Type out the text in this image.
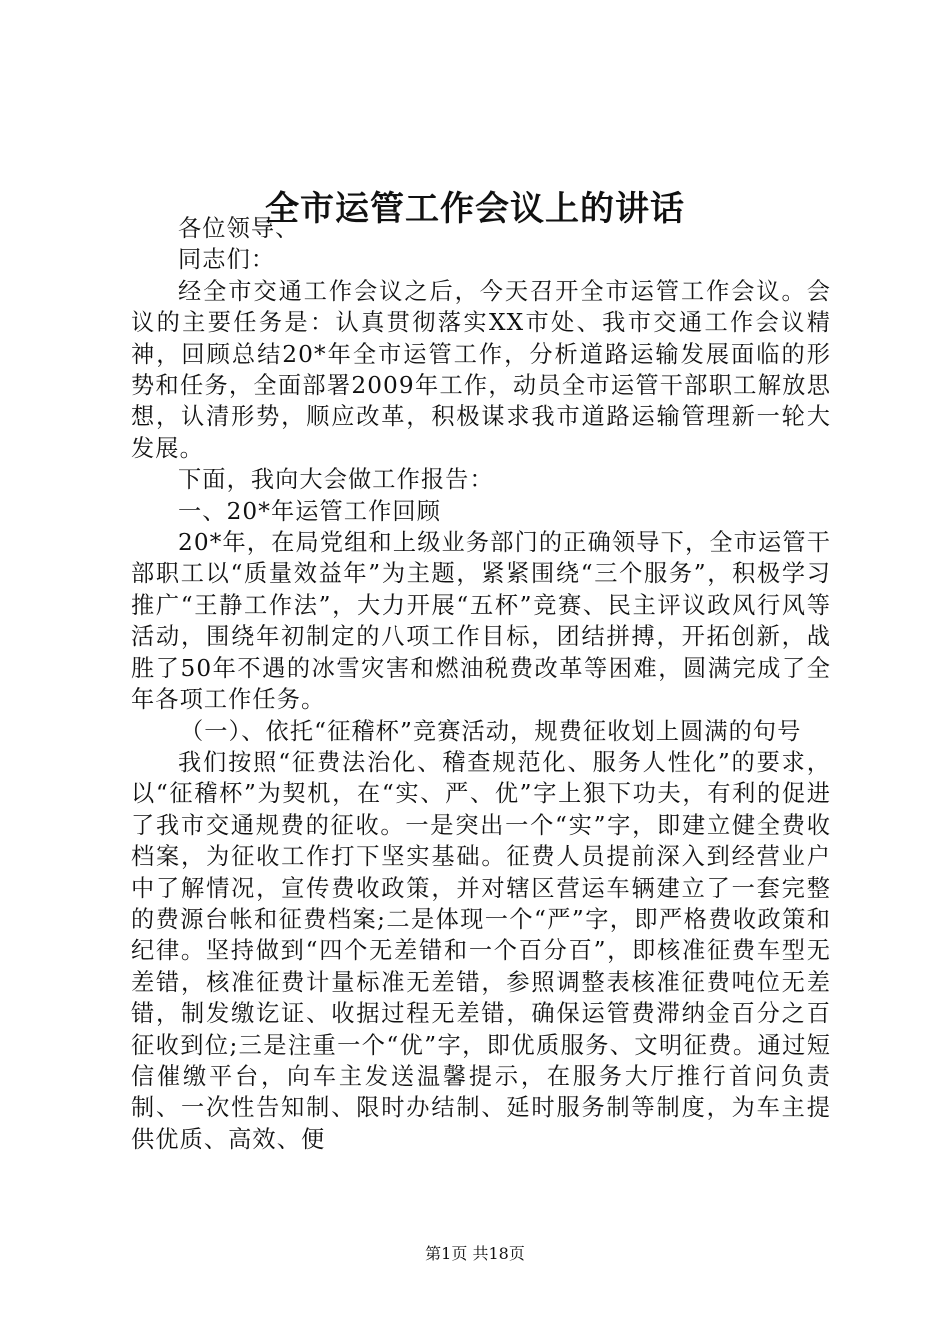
全市运管工作会议上的讲话

各位领导、

同志们：

经全市交通工作会议之后，今天召开全市运管工作会议。会议的主要任务是：认真贯彻落实XX市处、我市交通工作会议精神，回顾总结20*年全市运管工作，分析道路运输发展面临的形势和任务，全面部署2009年工作，动员全市运管干部职工解放思想，认清形势，顺应改革，积极谋求我市道路运输管理新一轮大发展。

下面，我向大会做工作报告：

一、20*年运管工作回顾

20*年，在局党组和上级业务部门的正确领导下，全市运管干部职工以“质量效益年”为主题，紧紧围绕“三个服务”，积极学习推广“王静工作法”，大力开展“五杯”竞赛、民主评议政风行风等活动，围绕年初制定的八项工作目标，团结拼搏，开拓创新，战胜了50年不遇的冰雪灾害和燃油税费改革等困难，圆满完成了全年各项工作任务。

（一）、依托“征稽杯”竞赛活动，规费征收划上圆满的句号

我们按照“征费法治化、稽查规范化、服务人性化”的要求，以“征稽杯”为契机，在“实、严、优”字上狠下功夫，有利的促进了我市交通规费的征收。一是突出一个“实”字，即建立健全费收档案，为征收工作打下坚实基础。征费人员提前深入到经营业户中了解情况，宣传费收政策，并对辖区营运车辆建立了一套完整的费源台帐和征费档案;二是体现一个“严”字，即严格费收政策和纪律。坚持做到“四个无差错和一个百分百”，即核准征费车型无差错，核准征费计量标准无差错，参照调整表核准征费吨位无差错，制发缴讫证、收据过程无差错，确保运管费滞纳金百分之百征收到位;三是注重一个“优”字，即优质服务、文明征费。通过短信催缴平台，向车主发送温馨提示，在服务大厅推行首问负责制、一次性告知制、限时办结制、延时服务制等制度，为车主提供优质、高效、便

第1页 共18页
